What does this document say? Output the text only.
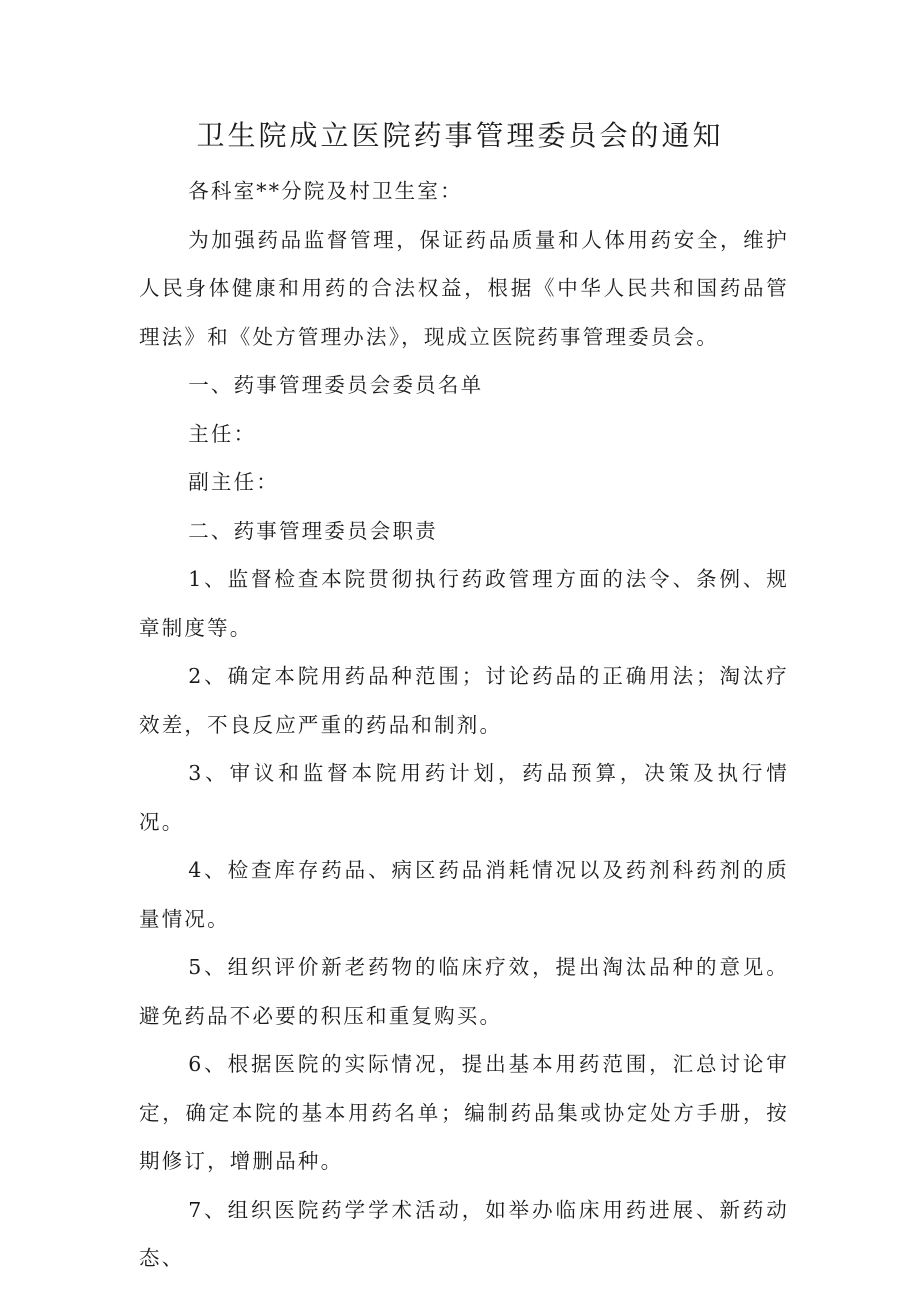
卫生院成立医院药事管理委员会的通知

各科室**分院及村卫生室：

为加强药品监督管理，保证药品质量和人体用药安全，维护人民身体健康和用药的合法权益，根据《中华人民共和国药品管理法》和《处方管理办法》，现成立医院药事管理委员会。

一、药事管理委员会委员名单

主任：

副主任：

二、药事管理委员会职责

1、监督检查本院贯彻执行药政管理方面的法令、条例、规章制度等。

2、确定本院用药品种范围；讨论药品的正确用法；淘汰疗效差，不良反应严重的药品和制剂。

3、审议和监督本院用药计划，药品预算，决策及执行情况。

4、检查库存药品、病区药品消耗情况以及药剂科药剂的质量情况。

5、组织评价新老药物的临床疗效，提出淘汰品种的意见。避免药品不必要的积压和重复购买。

6、根据医院的实际情况，提出基本用药范围，汇总讨论审定，确定本院的基本用药名单；编制药品集或协定处方手册，按期修订，增删品种。

7、组织医院药学学术活动，如举办临床用药进展、新药动态、
